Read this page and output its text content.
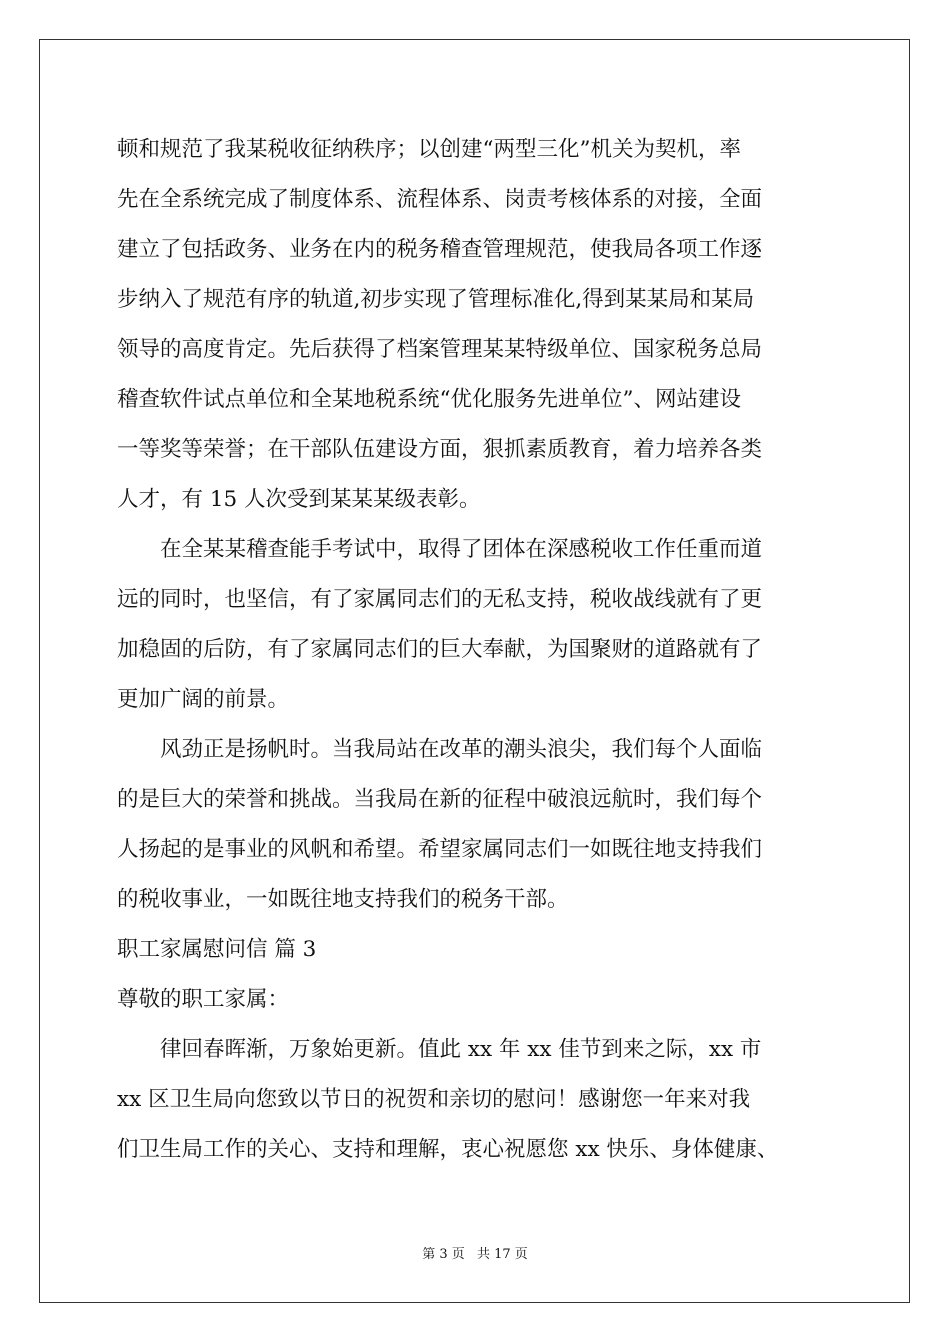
顿和规范了我某税收征纳秩序；以创建“两型三化”机关为契机，率
先在全系统完成了制度体系、流程体系、岗责考核体系的对接，全面
建立了包括政务、业务在内的税务稽查管理规范，使我局各项工作逐
步纳入了规范有序的轨道,初步实现了管理标准化,得到某某局和某局
领导的高度肯定。先后获得了档案管理某某特级单位、国家税务总局
稽查软件试点单位和全某地税系统“优化服务先进单位”、网站建设
一等奖等荣誉；在干部队伍建设方面，狠抓素质教育，着力培养各类
人才，有 15 人次受到某某某级表彰。
　　在全某某稽查能手考试中，取得了团体在深感税收工作任重而道
远的同时，也坚信，有了家属同志们的无私支持，税收战线就有了更
加稳固的后防，有了家属同志们的巨大奉献，为国聚财的道路就有了
更加广阔的前景。
　　风劲正是扬帆时。当我局站在改革的潮头浪尖，我们每个人面临
的是巨大的荣誉和挑战。当我局在新的征程中破浪远航时，我们每个
人扬起的是事业的风帆和希望。希望家属同志们一如既往地支持我们
的税收事业，一如既往地支持我们的税务干部。
职工家属慰问信 篇 3
尊敬的职工家属：
　　律回春晖渐，万象始更新。值此 xx 年 xx 佳节到来之际，xx 市
xx 区卫生局向您致以节日的祝贺和亲切的慰问！感谢您一年来对我
们卫生局工作的关心、支持和理解，衷心祝愿您 xx 快乐、身体健康、
第 3 页 共 17 页
